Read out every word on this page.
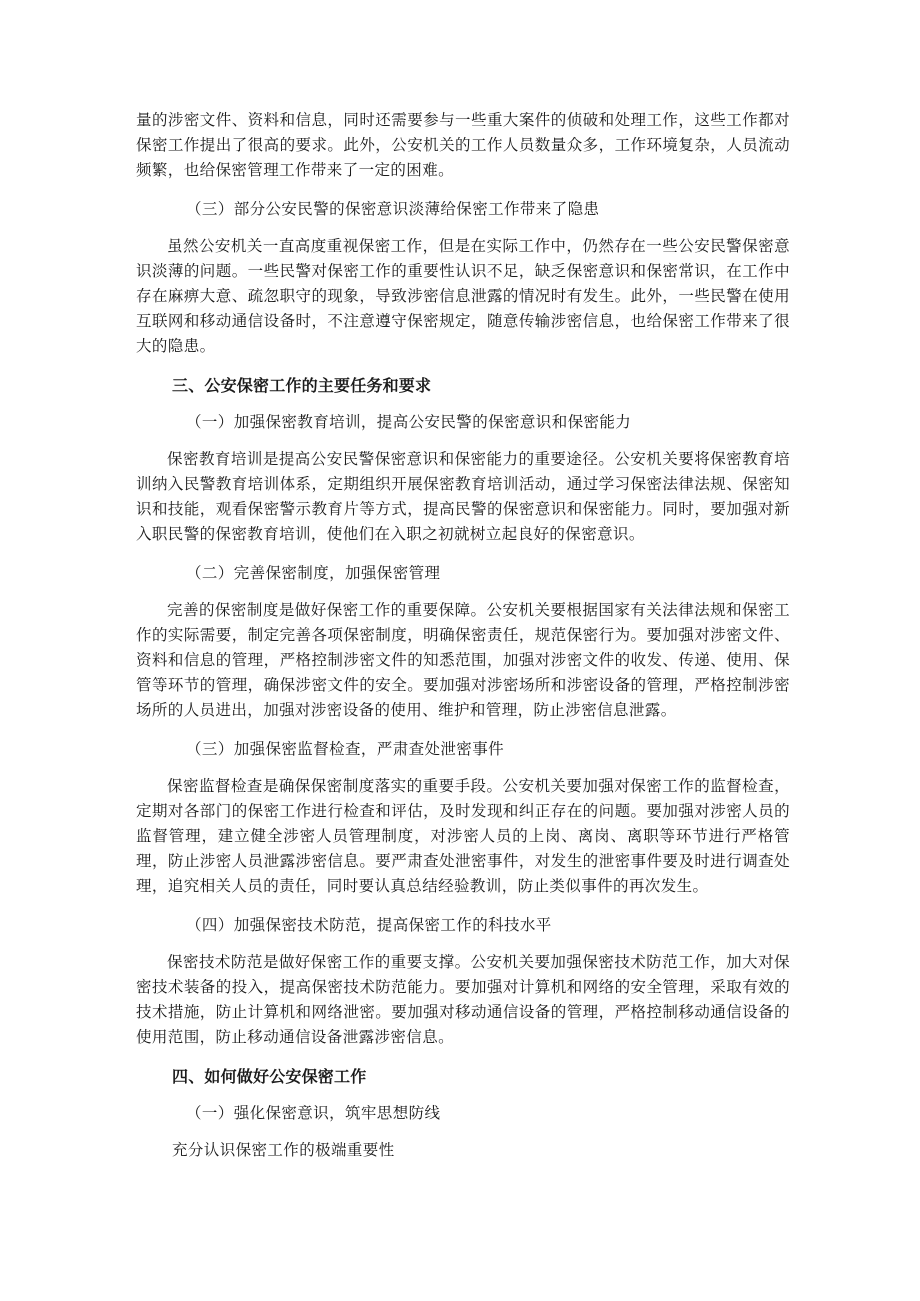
量的涉密文件、资料和信息，同时还需要参与一些重大案件的侦破和处理工作，这些工作都对保密工作提出了很高的要求。此外，公安机关的工作人员数量众多，工作环境复杂，人员流动频繁，也给保密管理工作带来了一定的困难。

（三）部分公安民警的保密意识淡薄给保密工作带来了隐患

虽然公安机关一直高度重视保密工作，但是在实际工作中，仍然存在一些公安民警保密意识淡薄的问题。一些民警对保密工作的重要性认识不足，缺乏保密意识和保密常识，在工作中存在麻痹大意、疏忽职守的现象，导致涉密信息泄露的情况时有发生。此外，一些民警在使用互联网和移动通信设备时，不注意遵守保密规定，随意传输涉密信息，也给保密工作带来了很大的隐患。

三、公安保密工作的主要任务和要求

（一）加强保密教育培训，提高公安民警的保密意识和保密能力

保密教育培训是提高公安民警保密意识和保密能力的重要途径。公安机关要将保密教育培训纳入民警教育培训体系，定期组织开展保密教育培训活动，通过学习保密法律法规、保密知识和技能，观看保密警示教育片等方式，提高民警的保密意识和保密能力。同时，要加强对新入职民警的保密教育培训，使他们在入职之初就树立起良好的保密意识。

（二）完善保密制度，加强保密管理

完善的保密制度是做好保密工作的重要保障。公安机关要根据国家有关法律法规和保密工作的实际需要，制定完善各项保密制度，明确保密责任，规范保密行为。要加强对涉密文件、资料和信息的管理，严格控制涉密文件的知悉范围，加强对涉密文件的收发、传递、使用、保管等环节的管理，确保涉密文件的安全。要加强对涉密场所和涉密设备的管理，严格控制涉密场所的人员进出，加强对涉密设备的使用、维护和管理，防止涉密信息泄露。

（三）加强保密监督检查，严肃查处泄密事件

保密监督检查是确保保密制度落实的重要手段。公安机关要加强对保密工作的监督检查，定期对各部门的保密工作进行检查和评估，及时发现和纠正存在的问题。要加强对涉密人员的监督管理，建立健全涉密人员管理制度，对涉密人员的上岗、离岗、离职等环节进行严格管理，防止涉密人员泄露涉密信息。要严肃查处泄密事件，对发生的泄密事件要及时进行调查处理，追究相关人员的责任，同时要认真总结经验教训，防止类似事件的再次发生。

（四）加强保密技术防范，提高保密工作的科技水平

保密技术防范是做好保密工作的重要支撑。公安机关要加强保密技术防范工作，加大对保密技术装备的投入，提高保密技术防范能力。要加强对计算机和网络的安全管理，采取有效的技术措施，防止计算机和网络泄密。要加强对移动通信设备的管理，严格控制移动通信设备的使用范围，防止移动通信设备泄露涉密信息。

四、如何做好公安保密工作

（一）强化保密意识，筑牢思想防线

充分认识保密工作的极端重要性
